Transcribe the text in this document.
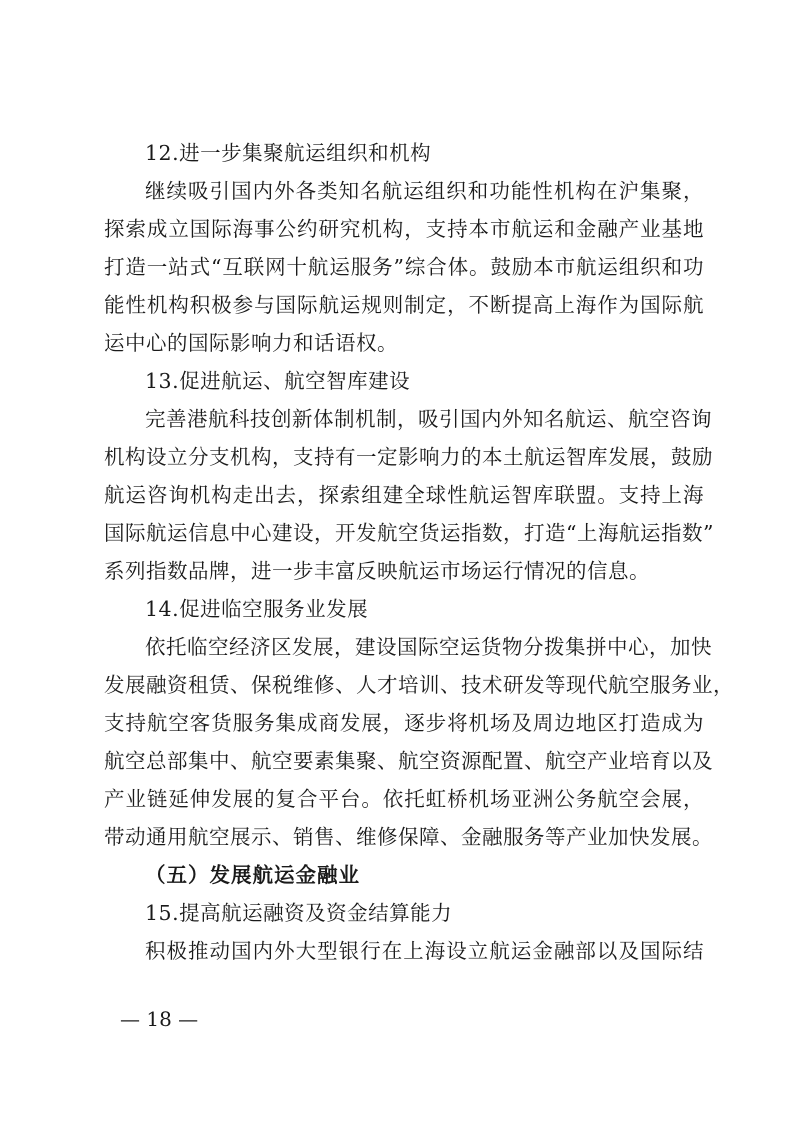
12.进一步集聚航运组织和机构
继续吸引国内外各类知名航运组织和功能性机构在沪集聚，
探索成立国际海事公约研究机构，支持本市航运和金融产业基地
打造一站式“互联网十航运服务”综合体。鼓励本市航运组织和功
能性机构积极参与国际航运规则制定，不断提高上海作为国际航
运中心的国际影响力和话语权。
13.促进航运、航空智库建设
完善港航科技创新体制机制，吸引国内外知名航运、航空咨询
机构设立分支机构，支持有一定影响力的本土航运智库发展，鼓励
航运咨询机构走出去，探索组建全球性航运智库联盟。支持上海
国际航运信息中心建设，开发航空货运指数，打造“上海航运指数”
系列指数品牌，进一步丰富反映航运市场运行情况的信息。
14.促进临空服务业发展
依托临空经济区发展，建设国际空运货物分拨集拼中心，加快
发展融资租赁、保税维修、人才培训、技术研发等现代航空服务业，
支持航空客货服务集成商发展，逐步将机场及周边地区打造成为
航空总部集中、航空要素集聚、航空资源配置、航空产业培育以及
产业链延伸发展的复合平台。依托虹桥机场亚洲公务航空会展，
带动通用航空展示、销售、维修保障、金融服务等产业加快发展。
（五）发展航运金融业
15.提高航运融资及资金结算能力
积极推动国内外大型银行在上海设立航运金融部以及国际结
— 18 —
